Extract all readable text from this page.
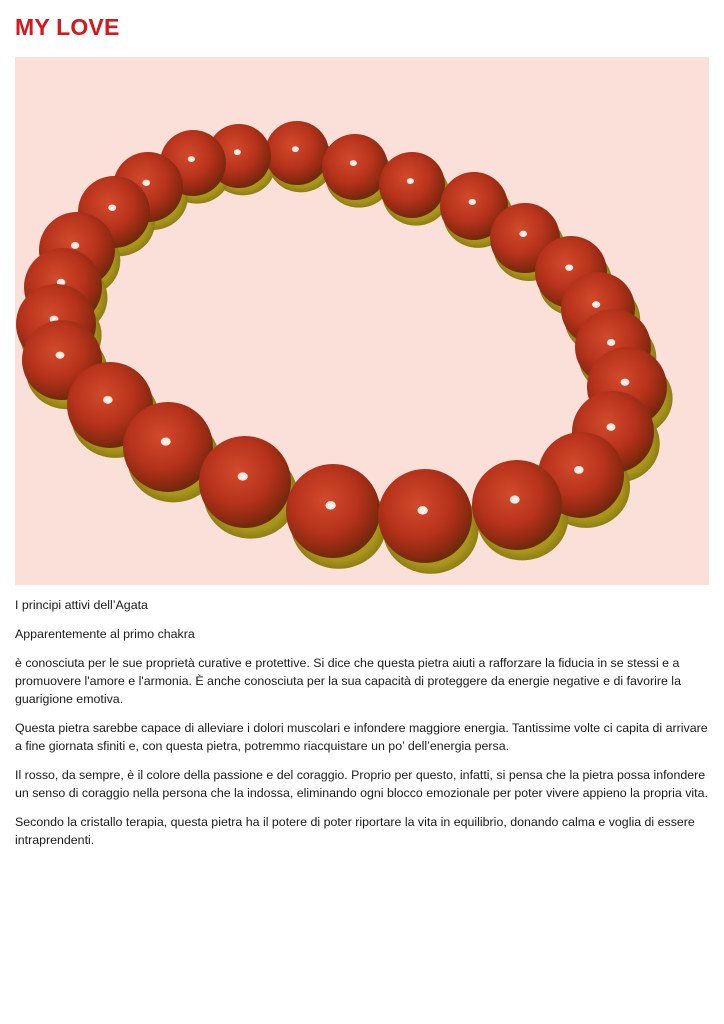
MY LOVE

I principi attivi dell’Agata

Apparentemente al primo chakra

è conosciuta per le sue proprietà curative e protettive. Si dice che questa pietra aiuti a rafforzare la fiducia in se stessi e a promuovere l'amore e l'armonia. È anche conosciuta per la sua capacità di proteggere da energie negative e di favorire la guarigione emotiva.

Questa pietra sarebbe capace di alleviare i dolori muscolari e infondere maggiore energia. Tantissime volte ci capita di arrivare a fine giornata sfiniti e, con questa pietra, potremmo riacquistare un po’ dell’energia persa.

Il rosso, da sempre, è il colore della passione e del coraggio. Proprio per questo, infatti, si pensa che la pietra possa infondere un senso di coraggio nella persona che la indossa, eliminando ogni blocco emozionale per poter vivere appieno la propria vita.

Secondo la cristallo terapia, questa pietra ha il potere di poter riportare la vita in equilibrio, donando calma e voglia di essere intraprendenti.
